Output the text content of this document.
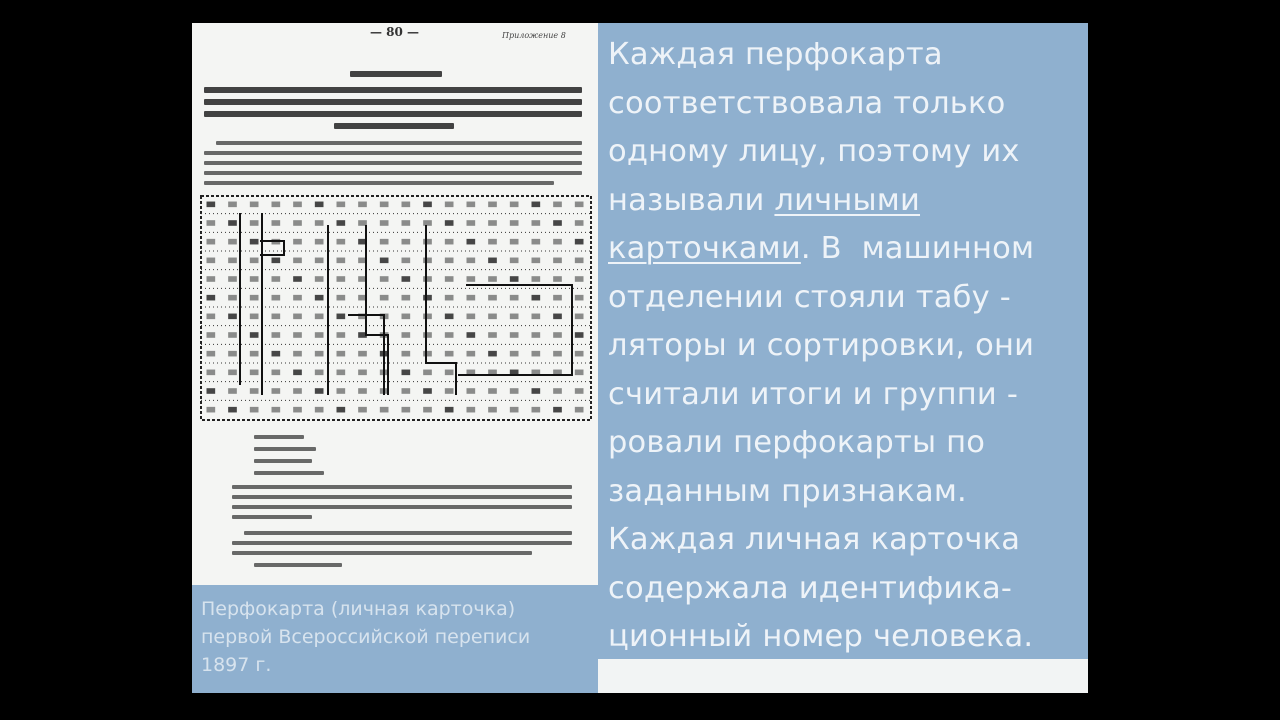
— 80 —	Приложение 8
Перфокарта (личная карточка)
первой Всероссийской переписи
1897 г.
Каждая перфокарта
соответствовала только
одному лицу, поэтому их
называли личными
карточками. В  машинном
отделении стояли табу -
ляторы и сортировки, они
считали итоги и группи -
ровали перфокарты по
заданным признакам.
Каждая личная карточка
содержала идентифика-
ционный номер человека.
